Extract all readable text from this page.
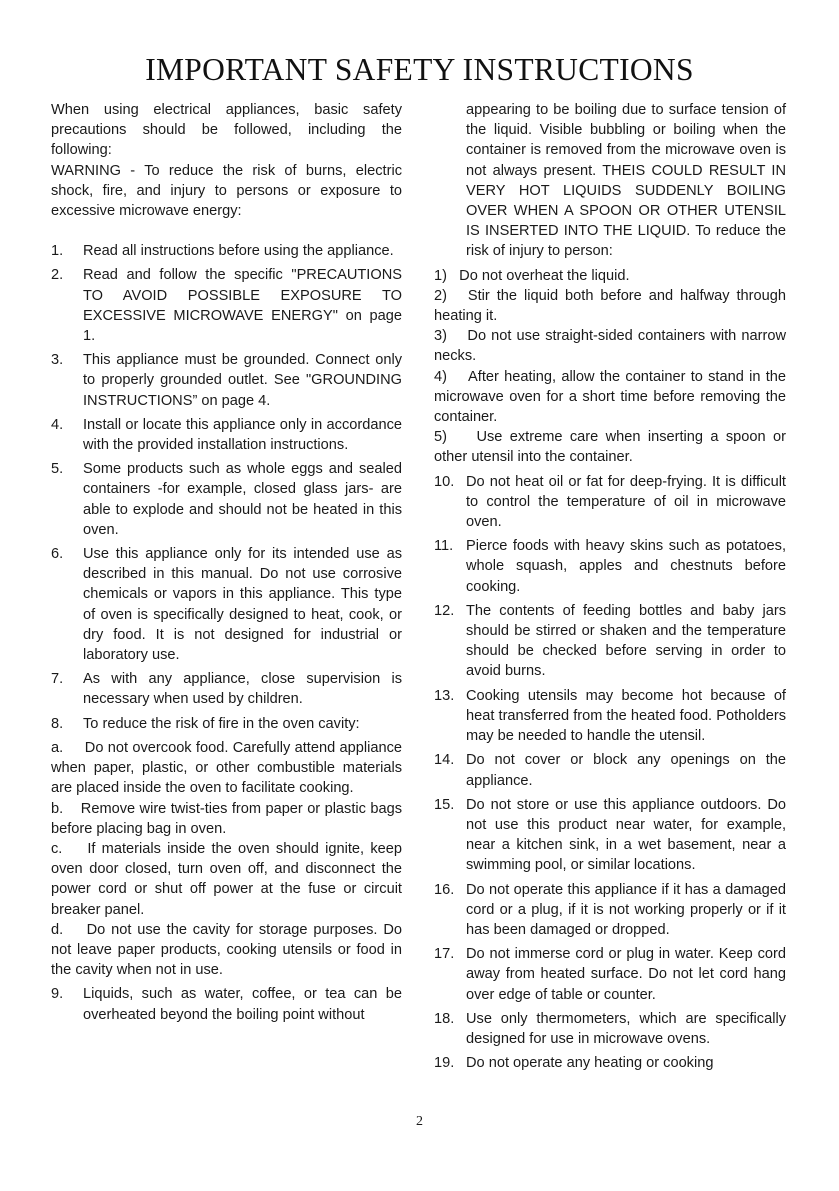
IMPORTANT SAFETY INSTRUCTIONS

When using electrical appliances, basic safety precautions should be followed, including the following:

WARNING - To reduce the risk of burns, electric shock, fire, and injury to persons or exposure to excessive microwave energy:

1. Read all instructions before using the appliance.
2. Read and follow the specific "PRECAUTIONS TO AVOID POSSIBLE EXPOSURE TO EXCESSIVE MICROWAVE ENERGY" on page 1.
3. This appliance must be grounded. Connect only to properly grounded outlet. See "GROUNDING INSTRUCTIONS” on page 4.
4. Install or locate this appliance only in accordance with the provided installation instructions.
5. Some products such as whole eggs and sealed containers -for example, closed glass jars- are able to explode and should not be heated in this oven.
6. Use this appliance only for its intended use as described in this manual. Do not use corrosive chemicals or vapors in this appliance. This type of oven is specifically designed to heat, cook, or dry food. It is not designed for industrial or laboratory use.
7. As with any appliance, close supervision is necessary when used by children.
8. To reduce the risk of fire in the oven cavity:

a. Do not overcook food. Carefully attend appliance when paper, plastic, or other combustible materials are placed inside the oven to facilitate cooking.

b. Remove wire twist-ties from paper or plastic bags before placing bag in oven.

c. If materials inside the oven should ignite, keep oven door closed, turn oven off, and disconnect the power cord or shut off power at the fuse or circuit breaker panel.

d. Do not use the cavity for storage purposes. Do not leave paper products, cooking utensils or food in the cavity when not in use.

9. Liquids, such as water, coffee, or tea can be overheated beyond the boiling point without

appearing to be boiling due to surface tension of the liquid. Visible bubbling or boiling when the container is removed from the microwave oven is not always present. THEIS COULD RESULT IN VERY HOT LIQUIDS SUDDENLY BOILING OVER WHEN A SPOON OR OTHER UTENSIL IS INSERTED INTO THE LIQUID. To reduce the risk of injury to person:

1) Do not overheat the liquid.

2) Stir the liquid both before and halfway through heating it.

3) Do not use straight-sided containers with narrow necks.

4) After heating, allow the container to stand in the microwave oven for a short time before removing the container.

5) Use extreme care when inserting a spoon or other utensil into the container.

10. Do not heat oil or fat for deep-frying. It is difficult to control the temperature of oil in microwave oven.
11. Pierce foods with heavy skins such as potatoes, whole squash, apples and chestnuts before cooking.
12. The contents of feeding bottles and baby jars should be stirred or shaken and the temperature should be checked before serving in order to avoid burns.
13. Cooking utensils may become hot because of heat transferred from the heated food. Potholders may be needed to handle the utensil.
14. Do not cover or block any openings on the appliance.
15. Do not store or use this appliance outdoors. Do not use this product near water, for example, near a kitchen sink, in a wet basement, near a swimming pool, or similar locations.
16. Do not operate this appliance if it has a damaged cord or a plug, if it is not working properly or if it has been damaged or dropped.
17. Do not immerse cord or plug in water. Keep cord away from heated surface. Do not let cord hang over edge of table or counter.
18. Use only thermometers, which are specifically designed for use in microwave ovens.
19. Do not operate any heating or cooking
2
